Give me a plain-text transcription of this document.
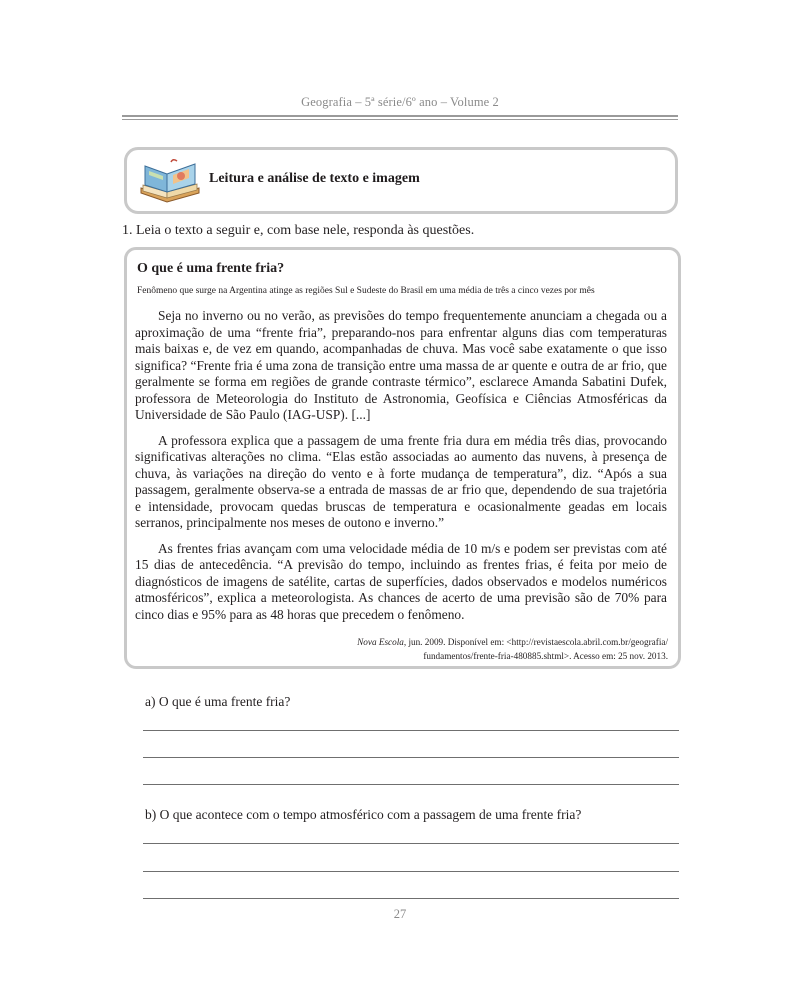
Geografia – 5ª série/6º ano – Volume 2
Leitura e análise de texto e imagem
1. Leia o texto a seguir e, com base nele, responda às questões.
O que é uma frente fria?
Fenômeno que surge na Argentina atinge as regiões Sul e Sudeste do Brasil em uma média de três a cinco vezes por mês

Seja no inverno ou no verão, as previsões do tempo frequentemente anunciam a chegada ou a aproximação de uma “frente fria”, preparando-nos para enfrentar alguns dias com temperaturas mais baixas e, de vez em quando, acompanhadas de chuva. Mas você sabe exatamente o que isso significa? “Frente fria é uma zona de transição entre uma massa de ar quente e outra de ar frio, que geralmente se forma em regiões de grande contraste térmico”, esclarece Amanda Sabatini Dufek, professora de Meteorologia do Instituto de Astronomia, Geofísica e Ciências Atmosféricas da Universidade de São Paulo (IAG-USP). [...]

A professora explica que a passagem de uma frente fria dura em média três dias, provocando significativas alterações no clima. “Elas estão associadas ao aumento das nuvens, à presença de chuva, às variações na direção do vento e à forte mudança de temperatura”, diz. “Após a sua passagem, geralmente observa-se a entrada de massas de ar frio que, dependendo de sua trajetória e intensidade, provocam quedas bruscas de temperatura e ocasionalmente geadas em locais serranos, principalmente nos meses de outono e inverno.”

As frentes frias avançam com uma velocidade média de 10 m/s e podem ser previstas com até 15 dias de antecedência. “A previsão do tempo, incluindo as frentes frias, é feita por meio de diagnósticos de imagens de satélite, cartas de superfícies, dados observados e modelos numéricos atmosféricos”, explica a meteorologista. As chances de acerto de uma previsão são de 70% para cinco dias e 95% para as 48 horas que precedem o fenômeno.

Nova Escola, jun. 2009. Disponível em: <http://revistaescola.abril.com.br/geografia/
fundamentos/frente-fria-480885.shtml>. Acesso em: 25 nov. 2013.
a) O que é uma frente fria?
b) O que acontece com o tempo atmosférico com a passagem de uma frente fria?
27
